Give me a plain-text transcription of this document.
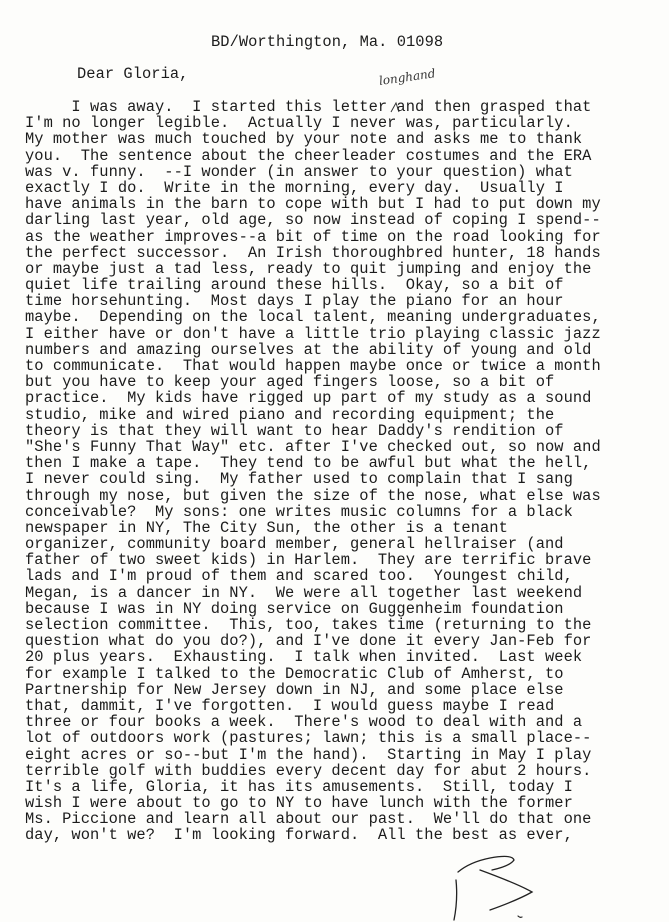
BD/Worthington, Ma. 01098
Dear Gloria,	longhand
I was away.  I started this letter and then grasped that
I'm no longer legible.  Actually I never was, particularly.
My mother was much touched by your note and asks me to thank
you.  The sentence about the cheerleader costumes and the ERA
was v. funny.  --I wonder (in answer to your question) what
exactly I do.  Write in the morning, every day.  Usually I
have animals in the barn to cope with but I had to put down my
darling last year, old age, so now instead of coping I spend--
as the weather improves--a bit of time on the road looking for
the perfect successor.  An Irish thoroughbred hunter, 18 hands
or maybe just a tad less, ready to quit jumping and enjoy the
quiet life trailing around these hills.  Okay, so a bit of
time horsehunting.  Most days I play the piano for an hour
maybe.  Depending on the local talent, meaning undergraduates,
I either have or don't have a little trio playing classic jazz
numbers and amazing ourselves at the ability of young and old
to communicate.  That would happen maybe once or twice a month
but you have to keep your aged fingers loose, so a bit of
practice.  My kids have rigged up part of my study as a sound
studio, mike and wired piano and recording equipment; the
theory is that they will want to hear Daddy's rendition of
"She's Funny That Way" etc. after I've checked out, so now and
then I make a tape.  They tend to be awful but what the hell,
I never could sing.  My father used to complain that I sang
through my nose, but given the size of the nose, what else was
conceivable?  My sons: one writes music columns for a black
newspaper in NY, The City Sun, the other is a tenant
organizer, community board member, general hellraiser (and
father of two sweet kids) in Harlem.  They are terrific brave
lads and I'm proud of them and scared too.  Youngest child,
Megan, is a dancer in NY.  We were all together last weekend
because I was in NY doing service on Guggenheim foundation
selection committee.  This, too, takes time (returning to the
question what do you do?), and I've done it every Jan-Feb for
20 plus years.  Exhausting.  I talk when invited.  Last week
for example I talked to the Democratic Club of Amherst, to
Partnership for New Jersey down in NJ, and some place else
that, dammit, I've forgotten.  I would guess maybe I read
three or four books a week.  There's wood to deal with and a
lot of outdoors work (pastures; lawn; this is a small place--
eight acres or so--but I'm the hand).  Starting in May I play
terrible golf with buddies every decent day for abut 2 hours.
It's a life, Gloria, it has its amusements.  Still, today I
wish I were about to go to NY to have lunch with the former
Ms. Piccione and learn all about our past.  We'll do that one
day, won't we?  I'm looking forward.  All the best as ever,
